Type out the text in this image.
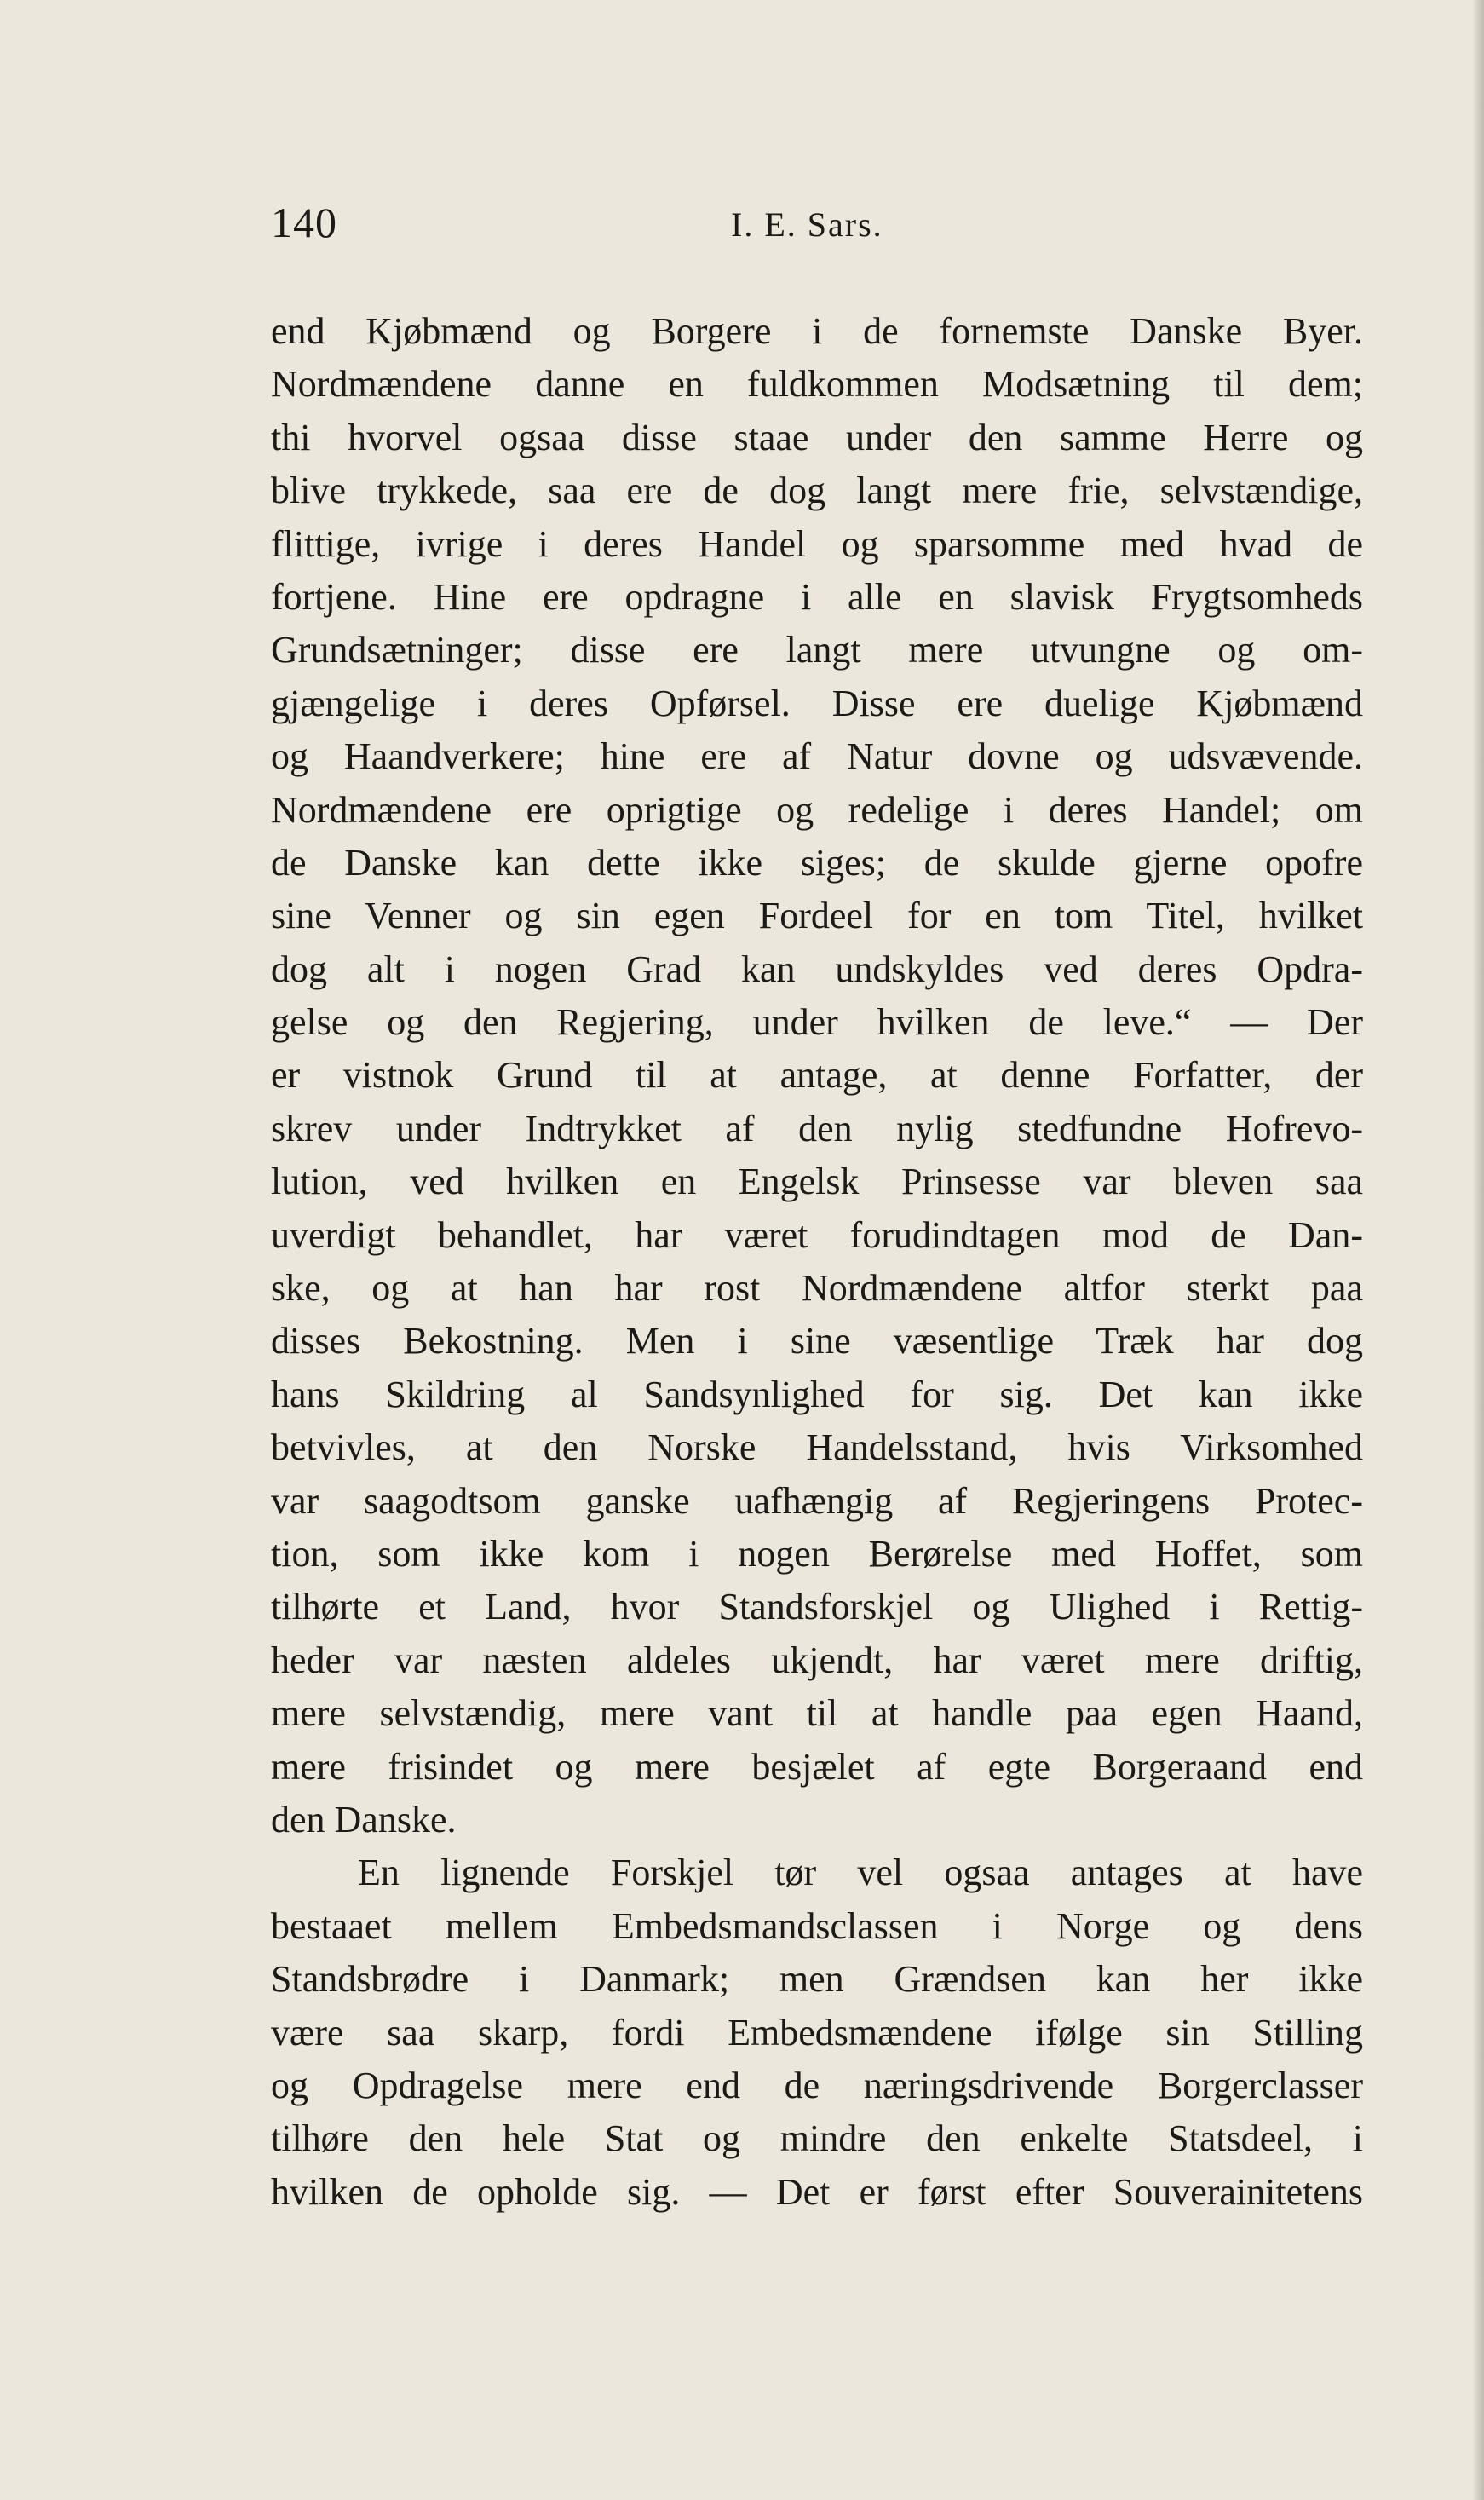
140	I. E. Sars.
end Kjøbmænd og Borgere i de fornemste Danske Byer.
Nordmændene danne en fuldkommen Modsætning til dem;
thi hvorvel ogsaa disse staae under den samme Herre og
blive trykkede, saa ere de dog langt mere frie, selvstændige,
flittige, ivrige i deres Handel og sparsomme med hvad de
fortjene. Hine ere opdragne i alle en slavisk Frygtsomheds
Grundsætninger; disse ere langt mere utvungne og om-
gjængelige i deres Opførsel. Disse ere duelige Kjøbmænd
og Haandverkere; hine ere af Natur dovne og udsvævende.
Nordmændene ere oprigtige og redelige i deres Handel; om
de Danske kan dette ikke siges; de skulde gjerne opofre
sine Venner og sin egen Fordeel for en tom Titel, hvilket
dog alt i nogen Grad kan undskyldes ved deres Opdra-
gelse og den Regjering, under hvilken de leve.“ — Der
er vistnok Grund til at antage, at denne Forfatter, der
skrev under Indtrykket af den nylig stedfundne Hofrevo-
lution, ved hvilken en Engelsk Prinsesse var bleven saa
uverdigt behandlet, har været forudindtagen mod de Dan-
ske, og at han har rost Nordmændene altfor sterkt paa
disses Bekostning. Men i sine væsentlige Træk har dog
hans Skildring al Sandsynlighed for sig. Det kan ikke
betvivles, at den Norske Handelsstand, hvis Virksomhed
var saagodtsom ganske uafhængig af Regjeringens Protec-
tion, som ikke kom i nogen Berørelse med Hoffet, som
tilhørte et Land, hvor Standsforskjel og Ulighed i Rettig-
heder var næsten aldeles ukjendt, har været mere driftig,
mere selvstændig, mere vant til at handle paa egen Haand,
mere frisindet og mere besjælet af egte Borgeraand end
den Danske.
En lignende Forskjel tør vel ogsaa antages at have
bestaaet mellem Embedsmandsclassen i Norge og dens
Standsbrødre i Danmark; men Grændsen kan her ikke
være saa skarp, fordi Embedsmændene ifølge sin Stilling
og Opdragelse mere end de næringsdrivende Borgerclasser
tilhøre den hele Stat og mindre den enkelte Statsdeel, i
hvilken de opholde sig. — Det er først efter Souverainitetens
